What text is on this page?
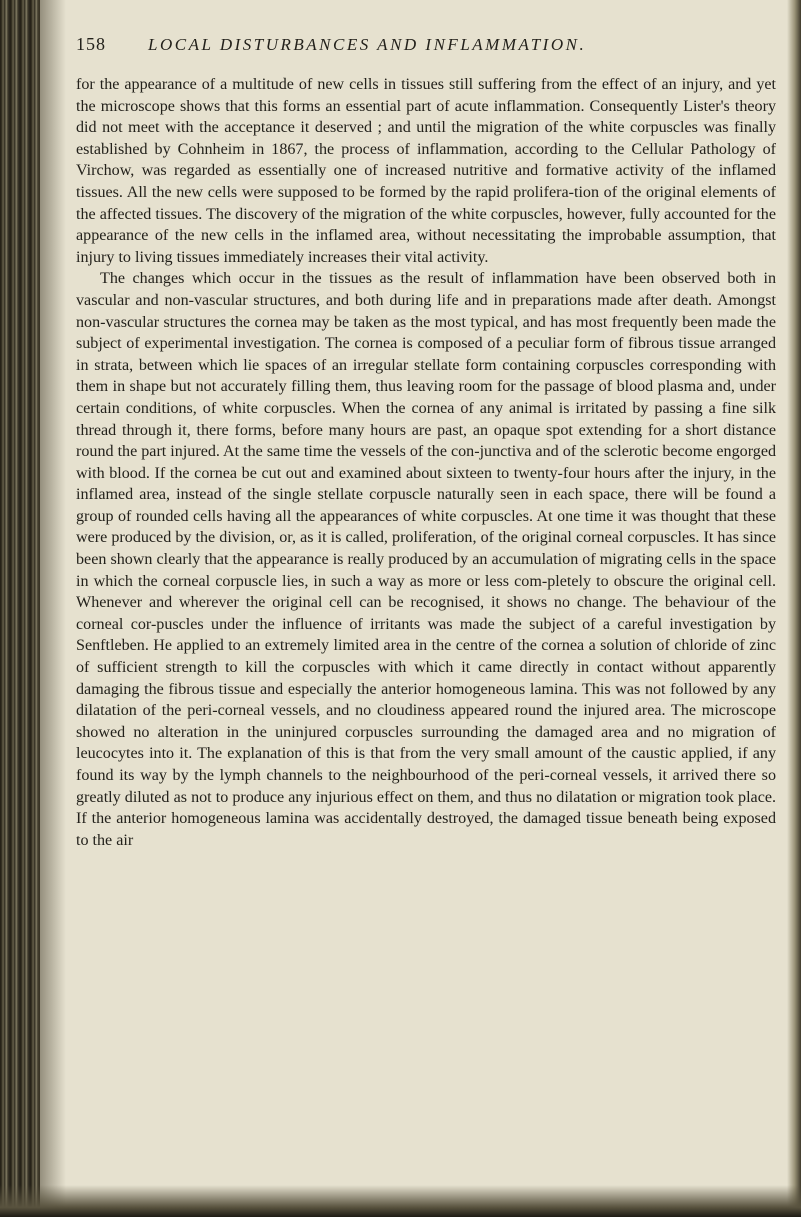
158	LOCAL DISTURBANCES AND INFLAMMATION.

for the appearance of a multitude of new cells in tissues still suffering from the effect of an injury, and yet the microscope shows that this forms an essential part of acute inflammation. Consequently Lister's theory did not meet with the acceptance it deserved ; and until the migration of the white corpuscles was finally established by Cohnheim in 1867, the process of inflammation, according to the Cellular Pathology of Virchow, was regarded as essentially one of increased nutritive and formative activity of the inflamed tissues. All the new cells were supposed to be formed by the rapid prolifera-tion of the original elements of the affected tissues. The discovery of the migration of the white corpuscles, however, fully accounted for the appearance of the new cells in the inflamed area, without necessitating the improbable assumption, that injury to living tissues immediately increases their vital activity.

The changes which occur in the tissues as the result of inflammation have been observed both in vascular and non-vascular structures, and both during life and in preparations made after death. Amongst non-vascular structures the cornea may be taken as the most typical, and has most frequently been made the subject of experimental investigation. The cornea is composed of a peculiar form of fibrous tissue arranged in strata, between which lie spaces of an irregular stellate form containing corpuscles corresponding with them in shape but not accurately filling them, thus leaving room for the passage of blood plasma and, under certain conditions, of white corpuscles. When the cornea of any animal is irritated by passing a fine silk thread through it, there forms, before many hours are past, an opaque spot extending for a short distance round the part injured. At the same time the vessels of the con-junctiva and of the sclerotic become engorged with blood. If the cornea be cut out and examined about sixteen to twenty-four hours after the injury, in the inflamed area, instead of the single stellate corpuscle naturally seen in each space, there will be found a group of rounded cells having all the appearances of white corpuscles. At one time it was thought that these were produced by the division, or, as it is called, proliferation, of the original corneal corpuscles. It has since been shown clearly that the appearance is really produced by an accumulation of migrating cells in the space in which the corneal corpuscle lies, in such a way as more or less com-pletely to obscure the original cell. Whenever and wherever the original cell can be recognised, it shows no change. The behaviour of the corneal cor-puscles under the influence of irritants was made the subject of a careful investigation by Senftleben. He applied to an extremely limited area in the centre of the cornea a solution of chloride of zinc of sufficient strength to kill the corpuscles with which it came directly in contact without apparently damaging the fibrous tissue and especially the anterior homogeneous lamina. This was not followed by any dilatation of the peri-corneal vessels, and no cloudiness appeared round the injured area. The microscope showed no alteration in the uninjured corpuscles surrounding the damaged area and no migration of leucocytes into it. The explanation of this is that from the very small amount of the caustic applied, if any found its way by the lymph channels to the neighbourhood of the peri-corneal vessels, it arrived there so greatly diluted as not to produce any injurious effect on them, and thus no dilatation or migration took place. If the anterior homogeneous lamina was accidentally destroyed, the damaged tissue beneath being exposed to the air
